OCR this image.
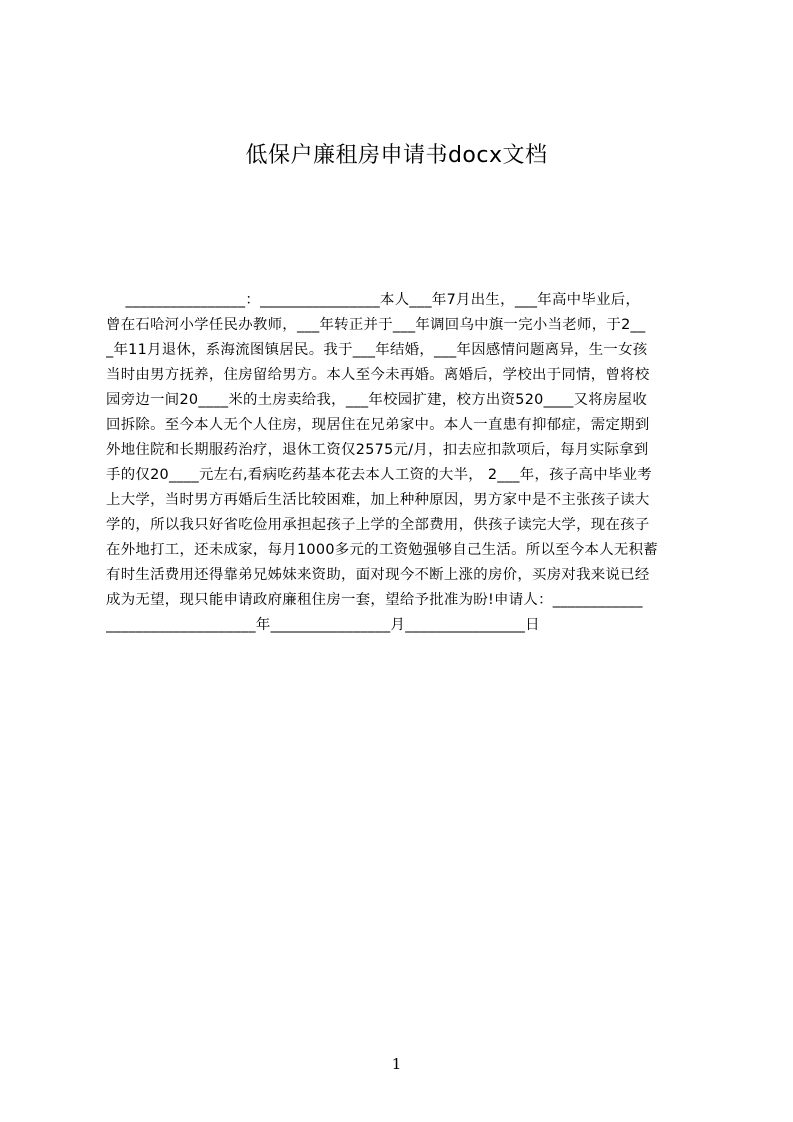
低保户廉租房申请书docx文档
________________：________________本人___年7月出生，___年高中毕业后，
曾在石哈河小学任民办教师，___年转正并于___年调回乌中旗一完小当老师，于2__
_年11月退休，系海流图镇居民。我于___年结婚，___年因感情问题离异，生一女孩
当时由男方抚养，住房留给男方。本人至今未再婚。离婚后，学校出于同情，曾将校
园旁边一间20____米的土房卖给我，___年校园扩建，校方出资520____又将房屋收
回拆除。至今本人无个人住房，现居住在兄弟家中。本人一直患有抑郁症，需定期到
外地住院和长期服药治疗，退休工资仅2575元/月，扣去应扣款项后，每月实际拿到
手的仅20____元左右,看病吃药基本花去本人工资的大半， 2___年，孩子高中毕业考
上大学，当时男方再婚后生活比较困难，加上种种原因，男方家中是不主张孩子读大
学的，所以我只好省吃俭用承担起孩子上学的全部费用，供孩子读完大学，现在孩子
在外地打工，还未成家，每月1000多元的工资勉强够自己生活。所以至今本人无积蓄
有时生活费用还得靠弟兄姊妹来资助，面对现今不断上涨的房价，买房对我来说已经
成为无望，现只能申请政府廉租住房一套，望给予批准为盼!申请人：____________
____________________年________________月________________日
1
